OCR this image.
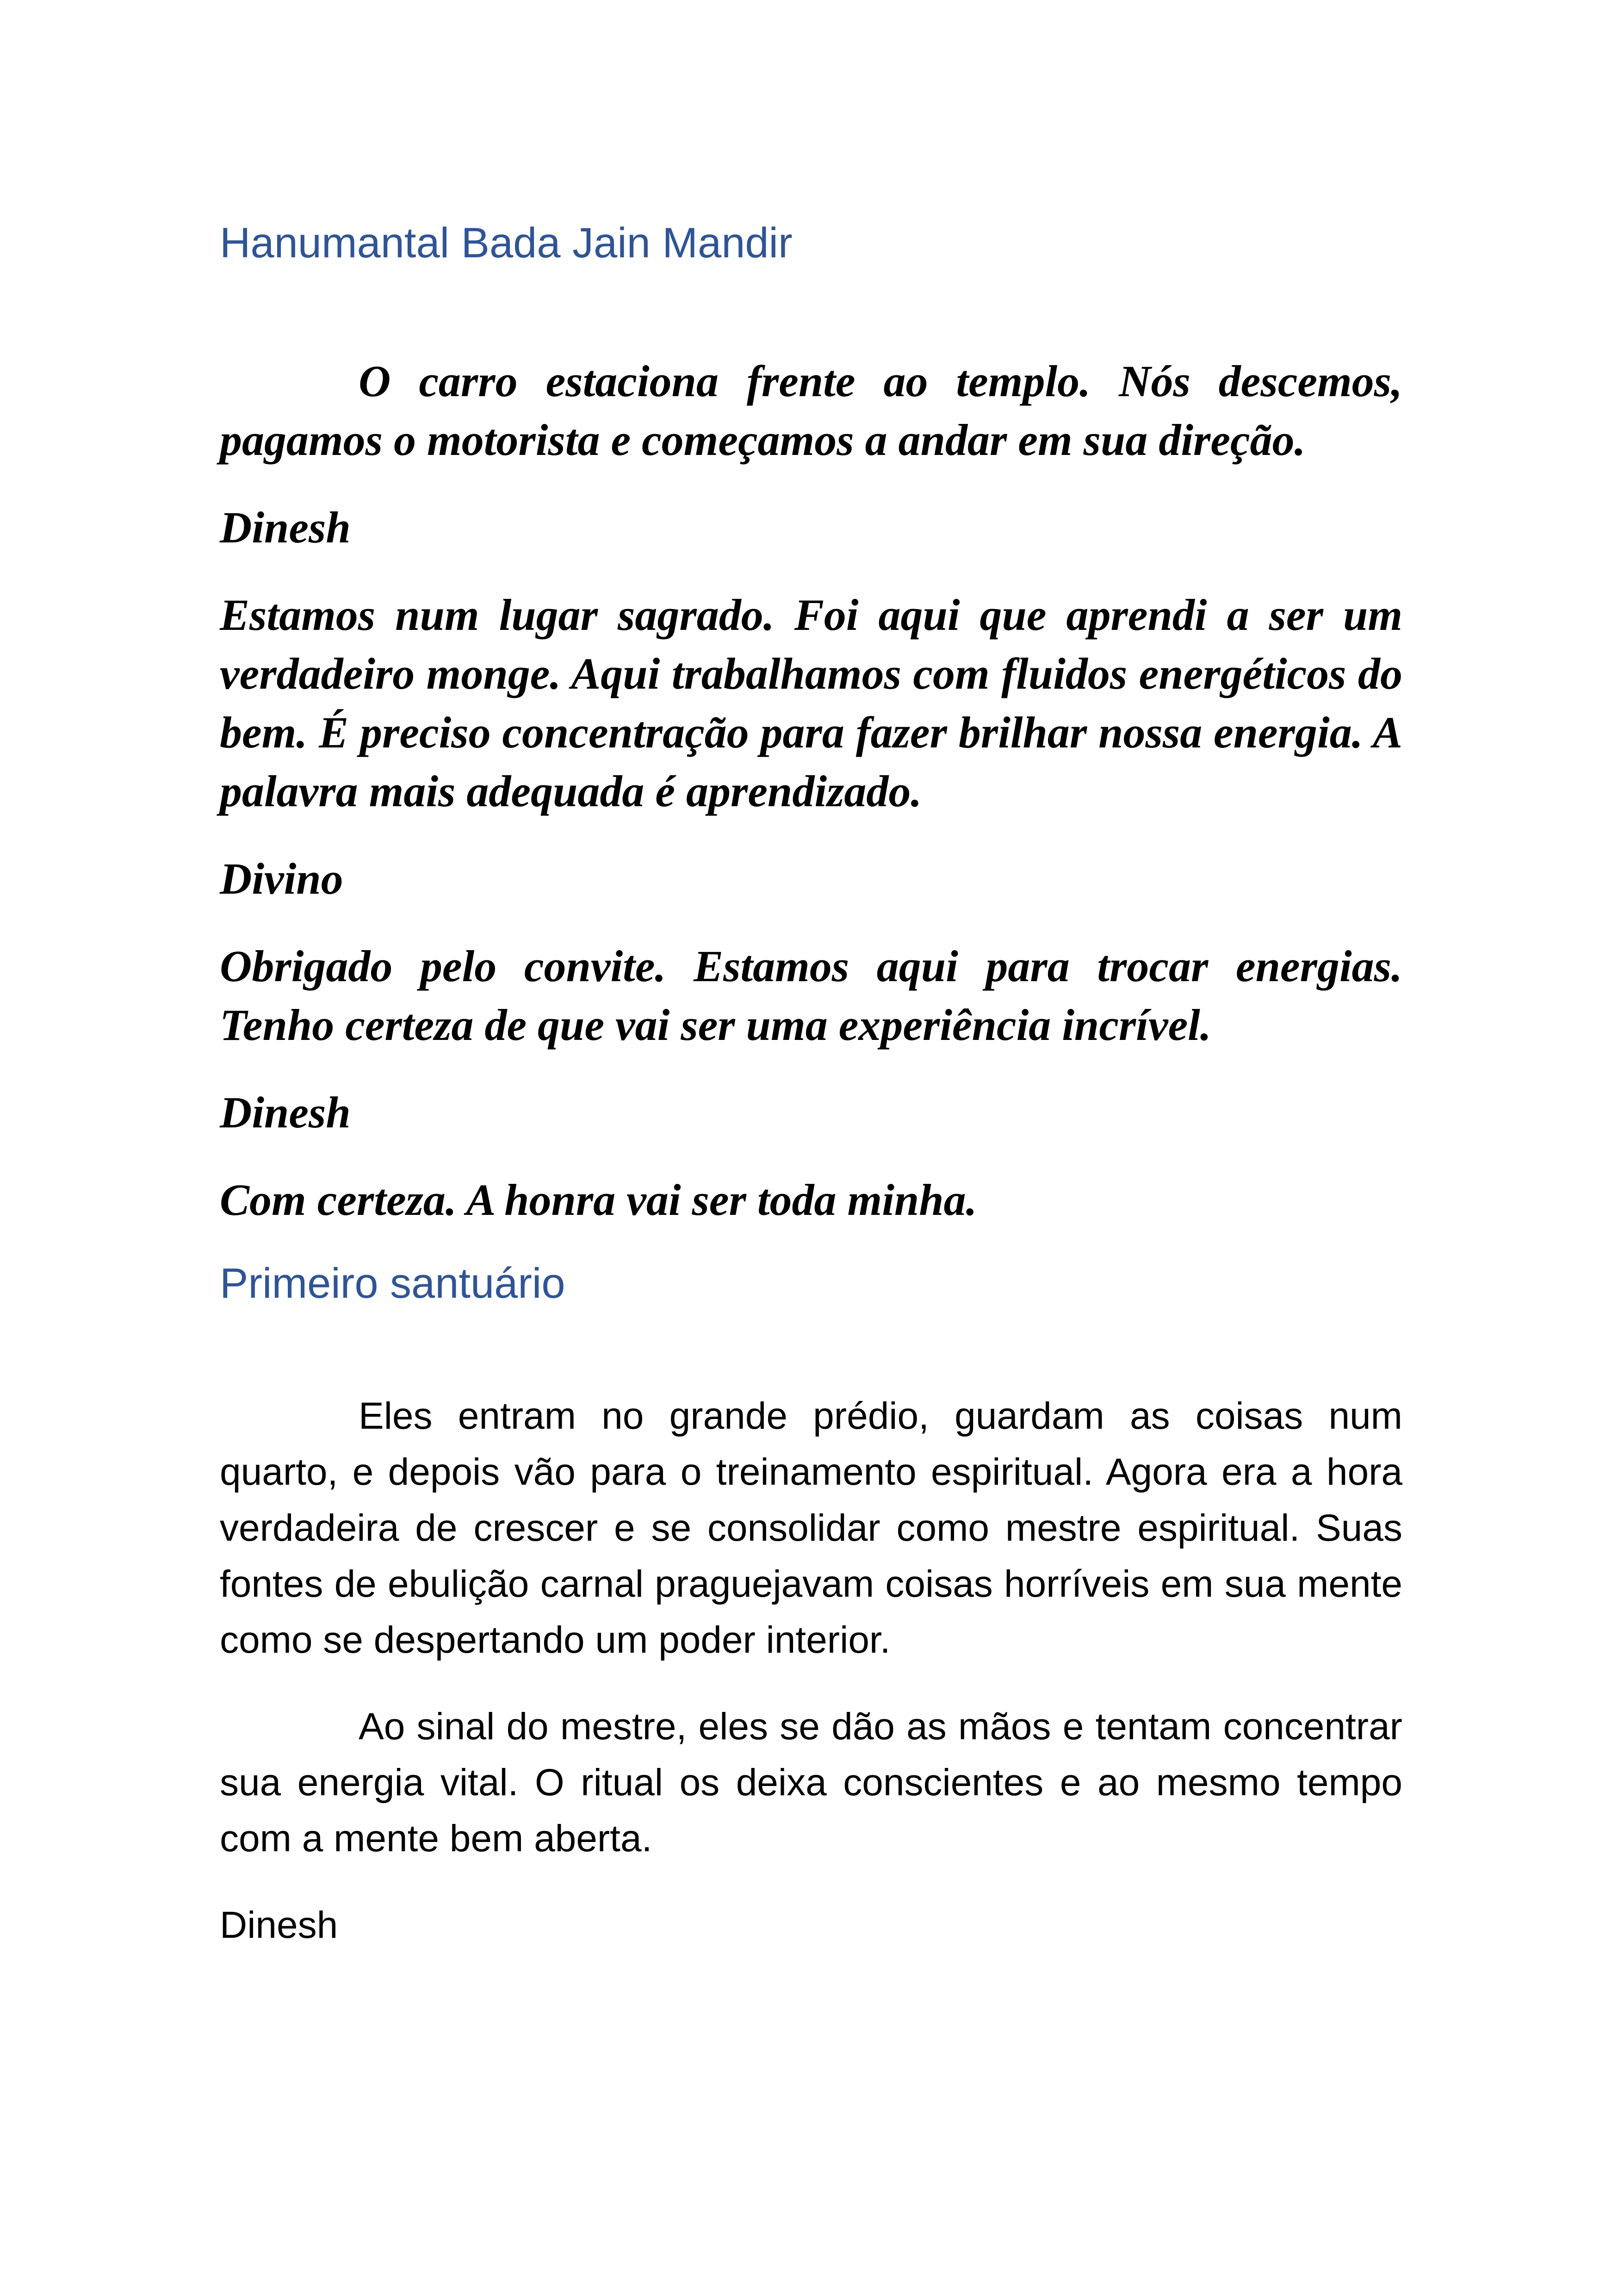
Hanumantal Bada Jain Mandir

O carro estaciona frente ao templo. Nós descemos, pagamos o motorista e começamos a andar em sua direção.

Dinesh

Estamos num lugar sagrado. Foi aqui que aprendi a ser um verdadeiro monge. Aqui trabalhamos com fluidos energéticos do bem. É preciso concentração para fazer brilhar nossa energia. A palavra mais adequada é aprendizado.

Divino

Obrigado pelo convite. Estamos aqui para trocar energias. Tenho certeza de que vai ser uma experiência incrível.

Dinesh

Com certeza. A honra vai ser toda minha.

Primeiro santuário

Eles entram no grande prédio, guardam as coisas num quarto, e depois vão para o treinamento espiritual. Agora era a hora verdadeira de crescer e se consolidar como mestre espiritual. Suas fontes de ebulição carnal praguejavam coisas horríveis em sua mente como se despertando um poder interior.

Ao sinal do mestre, eles se dão as mãos e tentam concentrar sua energia vital. O ritual os deixa conscientes e ao mesmo tempo com a mente bem aberta.

Dinesh
